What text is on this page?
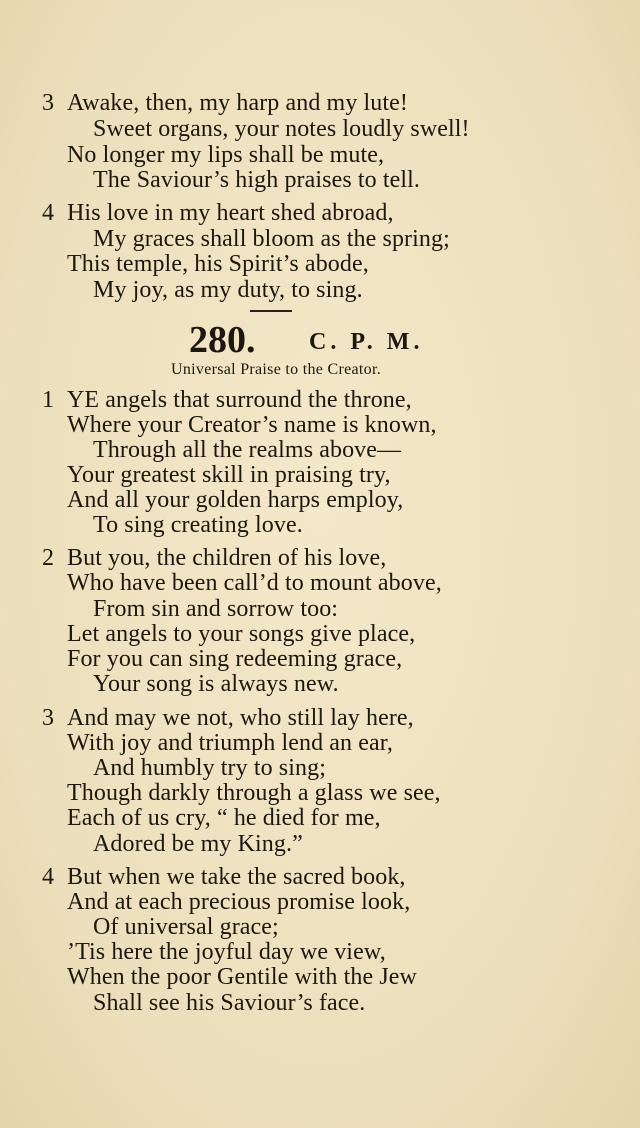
3 Awake, then, my harp and my lute!
Sweet organs, your notes loudly swell!
No longer my lips shall be mute,
The Saviour’s high praises to tell.
4 His love in my heart shed abroad,
My graces shall bloom as the spring;
This temple, his Spirit’s abode,
My joy, as my duty, to sing.
280. C. P. M.
Universal Praise to the Creator.
1 YE angels that surround the throne,
Where your Creator’s name is known,
Through all the realms above—
Your greatest skill in praising try,
And all your golden harps employ,
To sing creating love.
2 But you, the children of his love,
Who have been call’d to mount above,
From sin and sorrow too:
Let angels to your songs give place,
For you can sing redeeming grace,
Your song is always new.
3 And may we not, who still lay here,
With joy and triumph lend an ear,
And humbly try to sing;
Though darkly through a glass we see,
Each of us cry, “ he died for me,
Adored be my King.”
4 But when we take the sacred book,
And at each precious promise look,
Of universal grace;
’Tis here the joyful day we view,
When the poor Gentile with the Jew
Shall see his Saviour’s face.
